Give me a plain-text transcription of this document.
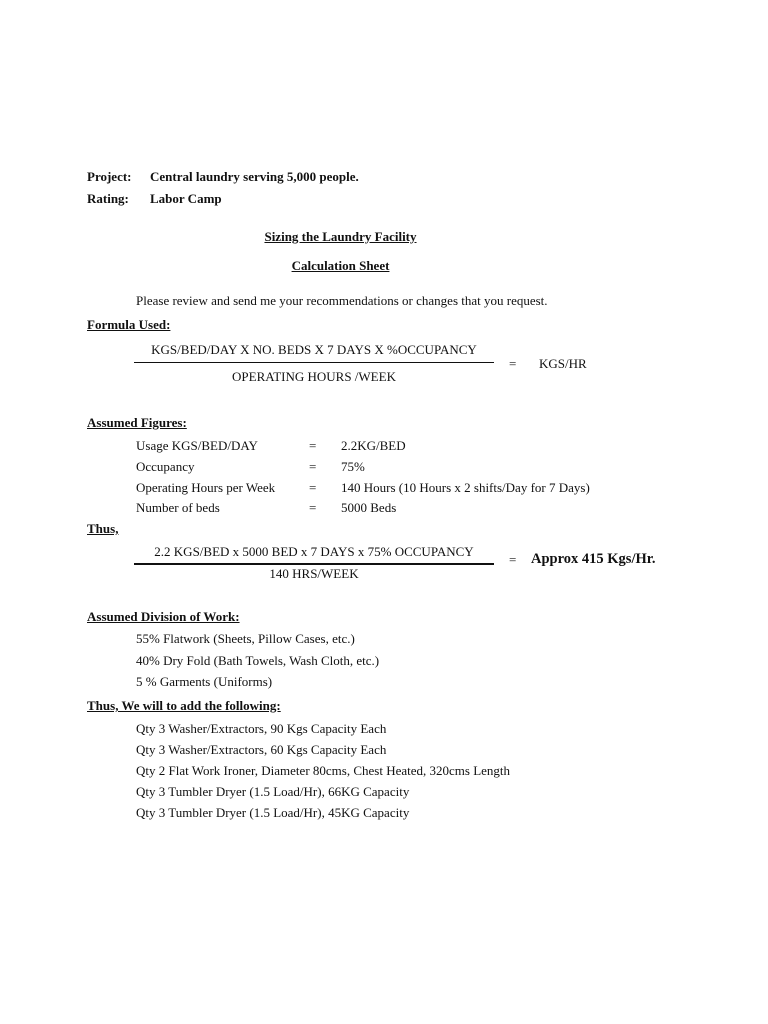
Project: Central laundry serving 5,000 people.
Rating: Labor Camp
Sizing the Laundry Facility
Calculation Sheet
Please review and send me your recommendations or changes that you request.
Formula Used:
KGS/BED/DAY X NO. BEDS X 7 DAYS X %OCCUPANCY
OPERATING HOURS /WEEK
= KGS/HR
Assumed Figures:
Usage KGS/BED/DAY	= 2.2KG/BED
Occupancy	= 75%
Operating Hours per Week	= 140 Hours (10 Hours x 2 shifts/Day for 7 Days)
Number of beds	= 5000 Beds
Thus,
2.2 KGS/BED x 5000 BED x 7 DAYS x 75% OCCUPANCY
140 HRS/WEEK
= Approx 415 Kgs/Hr.
Assumed Division of Work:
55% Flatwork (Sheets, Pillow Cases, etc.)
40% Dry Fold (Bath Towels, Wash Cloth, etc.)
5 % Garments (Uniforms)
Thus, We will to add the following:
Qty 3 Washer/Extractors, 90 Kgs Capacity Each
Qty 3 Washer/Extractors, 60 Kgs Capacity Each
Qty 2 Flat Work Ironer, Diameter 80cms, Chest Heated, 320cms Length
Qty 3 Tumbler Dryer (1.5 Load/Hr), 66KG Capacity
Qty 3 Tumbler Dryer (1.5 Load/Hr), 45KG Capacity
